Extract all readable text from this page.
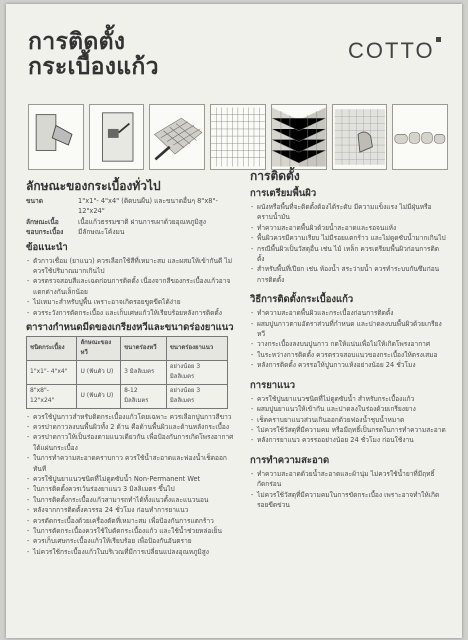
การติดตั้ง
กระเบื้องแก้ว
COTTO
ลักษณะของกระเบื้องทั่วไป
ขนาด	1"x1"- 4"x4" (ติดบนผืน) และขนาดอื่นๆ 8"x8"- 12"x24"
ลักษณะเนื้อ	เนื้อแก้วธรรมชาติ ผ่านการเผาด้วยอุณหภูมิสูง
ขอบกระเบื้อง	มีลักษณะโค้งมน
ข้อแนะนำ
- ตัวกาวเชื่อม (ยาแนว) ควรเลือกใช้สีที่เหมาะสม และผสมให้เข้ากันดี ไม่ควรใช้ปริมาณมากเกินไป
- ควรตรวจสอบสีและเฉดก่อนการติดตั้ง เนื่องจากสีของกระเบื้องแก้วอาจแตกต่างกันเล็กน้อย
- ไม่เหมาะสำหรับปูพื้น เพราะอาจเกิดรอยขูดขีดได้ง่าย
- ควรระวังการตัดกระเบื้อง และเก็บเศษแก้วให้เรียบร้อยหลังการติดตั้ง
ตารางกำหนดมีดของเกรียงหวีและขนาดร่องยาแนว
ชนิดกระเบื้อง	ลักษณะของหวี	ขนาดร่องหวี	ขนาดร่องยาแนว
1"x1"- 4"x4"	U (ฟันตัว U)	3 มิลลิเมตร	อย่างน้อย 3 มิลลิเมตร
8"x8"- 12"x24"	U (ฟันตัว U)	8-12 มิลลิเมตร	อย่างน้อย 3 มิลลิเมตร
- ควรใช้ปูนกาวสำหรับติดกระเบื้องแก้วโดยเฉพาะ ควรเลือกปูนกาวสีขาว
- ควรปาดกาวลงบนพื้นผิวทั้ง 2 ด้าน คือด้านพื้นผิวและด้านหลังกระเบื้อง
- ควรปาดกาวให้เป็นร่องตามแนวเดียวกัน เพื่อป้องกันการเกิดโพรงอากาศใต้แผ่นกระเบื้อง
- ในการทำความสะอาดคราบกาว ควรใช้น้ำสะอาดและฟองน้ำเช็ดออกทันที
- ควรใช้ปูนยาแนวชนิดที่ไม่ดูดซับน้ำ Non-Permanent Wet
- ในการติดตั้งควรเว้นร่องยาแนว 3 มิลลิเมตร ขึ้นไป
- ในการติดตั้งกระเบื้องแก้วสามารถทำได้ทั้งแนวตั้งและแนวนอน
- หลังจากการติดตั้งควรรอ 24 ชั่วโมง ก่อนทำการยาแนว
- ควรตัดกระเบื้องด้วยเครื่องตัดที่เหมาะสม เพื่อป้องกันการแตกร้าว
- ในการตัดกระเบื้องควรใช้ใบตัดกระเบื้องแก้ว และใช้น้ำช่วยหล่อเย็น
- ควรเก็บเศษกระเบื้องแก้วให้เรียบร้อย เพื่อป้องกันอันตราย
- ไม่ควรใช้กระเบื้องแก้วในบริเวณที่มีการเปลี่ยนแปลงอุณหภูมิสูง
การติดตั้ง
การเตรียมพื้นผิว
- ผนังหรือพื้นที่จะติดตั้งต้องได้ระดับ มีความแข็งแรง ไม่มีฝุ่นหรือคราบน้ำมัน
- ทำความสะอาดพื้นผิวด้วยน้ำสะอาดและรอจนแห้ง
- พื้นผิวควรมีความเรียบ ไม่มีรอยแตกร้าว และไม่ดูดซับน้ำมากเกินไป
- กรณีพื้นผิวเป็นวัสดุอื่น เช่น ไม้ เหล็ก ควรเตรียมพื้นผิวก่อนการติดตั้ง
- สำหรับพื้นที่เปียก เช่น ห้องน้ำ สระว่ายน้ำ ควรทำระบบกันซึมก่อนการติดตั้ง
วิธีการติดตั้งกระเบื้องแก้ว
- ทำความสะอาดพื้นผิวและกระเบื้องก่อนการติดตั้ง
- ผสมปูนกาวตามอัตราส่วนที่กำหนด และปาดลงบนพื้นผิวด้วยเกรียงหวี
- วางกระเบื้องลงบนปูนกาว กดให้แน่นเพื่อไม่ให้เกิดโพรงอากาศ
- ในระหว่างการติดตั้ง ควรตรวจสอบแนวของกระเบื้องให้ตรงเสมอ
- หลังการติดตั้ง ควรรอให้ปูนกาวแห้งอย่างน้อย 24 ชั่วโมง
การยาแนว
- ควรใช้ปูนยาแนวชนิดที่ไม่ดูดซับน้ำ สำหรับกระเบื้องแก้ว
- ผสมปูนยาแนวให้เข้ากัน และปาดลงในร่องด้วยเกรียงยาง
- เช็ดคราบยาแนวส่วนเกินออกด้วยฟองน้ำชุบน้ำหมาด
- ไม่ควรใช้วัสดุที่มีความคม หรือมีฤทธิ์เป็นกรดในการทำความสะอาด
- หลังการยาแนว ควรรออย่างน้อย 24 ชั่วโมง ก่อนใช้งาน
การทำความสะอาด
- ทำความสะอาดด้วยน้ำสะอาดและผ้านุ่ม ไม่ควรใช้น้ำยาที่มีฤทธิ์กัดกร่อน
- ไม่ควรใช้วัสดุที่มีความคมในการขัดกระเบื้อง เพราะอาจทำให้เกิดรอยขีดข่วน
